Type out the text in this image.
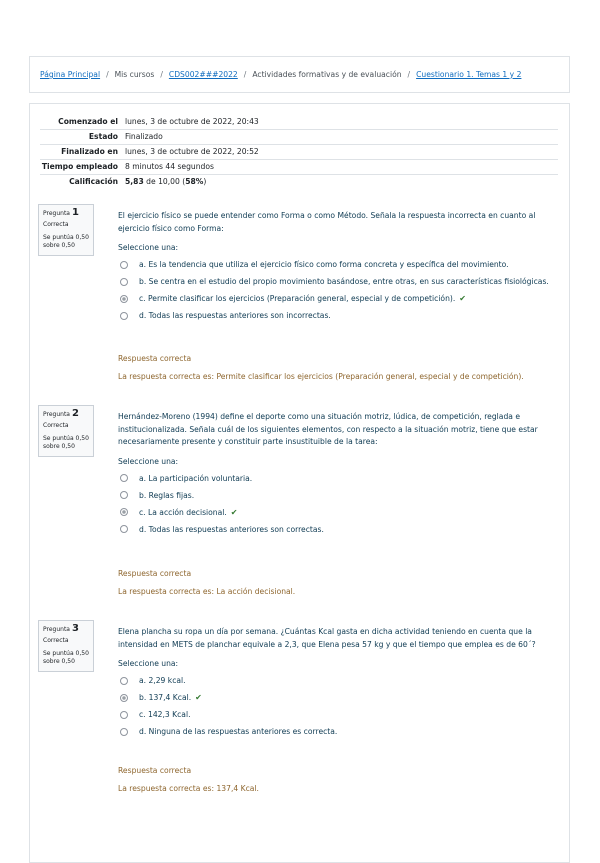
Página Principal / Mis cursos / CDS002###2022 / Actividades formativas y de evaluación / Cuestionario 1. Temas 1 y 2
Comenzado el	lunes, 3 de octubre de 2022, 20:43
Estado	Finalizado
Finalizado en	lunes, 3 de octubre de 2022, 20:52
Tiempo empleado	8 minutos 44 segundos
Calificación	5,83 de 10,00 (58%)
Pregunta 1
Correcta
Se puntúa 0,50 sobre 0,50

El ejercicio físico se puede entender como Forma o como Método. Señala la respuesta incorrecta en cuanto al ejercicio físico como Forma:

Seleccione una:
a. Es la tendencia que utiliza el ejercicio físico como forma concreta y específica del movimiento.
b. Se centra en el estudio del propio movimiento basándose, entre otras, en sus características fisiológicas.
c. Permite clasificar los ejercicios (Preparación general, especial y de competición). ✔
d. Todas las respuestas anteriores son incorrectas.
Respuesta correcta
La respuesta correcta es: Permite clasificar los ejercicios (Preparación general, especial y de competición).
Pregunta 2
Correcta
Se puntúa 0,50 sobre 0,50

Hernández-Moreno (1994) define el deporte como una situación motriz, lúdica, de competición, reglada e institucionalizada. Señala cuál de los siguientes elementos, con respecto a la situación motriz, tiene que estar necesariamente presente y constituir parte insustituible de la tarea:

Seleccione una:
a. La participación voluntaria.
b. Reglas fijas.
c. La acción decisional. ✔
d. Todas las respuestas anteriores son correctas.
Respuesta correcta
La respuesta correcta es: La acción decisional.
Pregunta 3
Correcta
Se puntúa 0,50 sobre 0,50

Elena plancha su ropa un día por semana. ¿Cuántas Kcal gasta en dicha actividad teniendo en cuenta que la intensidad en METS de planchar equivale a 2,3, que Elena pesa 57 kg y que el tiempo que emplea es de 60´?

Seleccione una:
a. 2,29 kcal.
b. 137,4 Kcal. ✔
c. 142,3 Kcal.
d. Ninguna de las respuestas anteriores es correcta.
Respuesta correcta
La respuesta correcta es: 137,4 Kcal.
